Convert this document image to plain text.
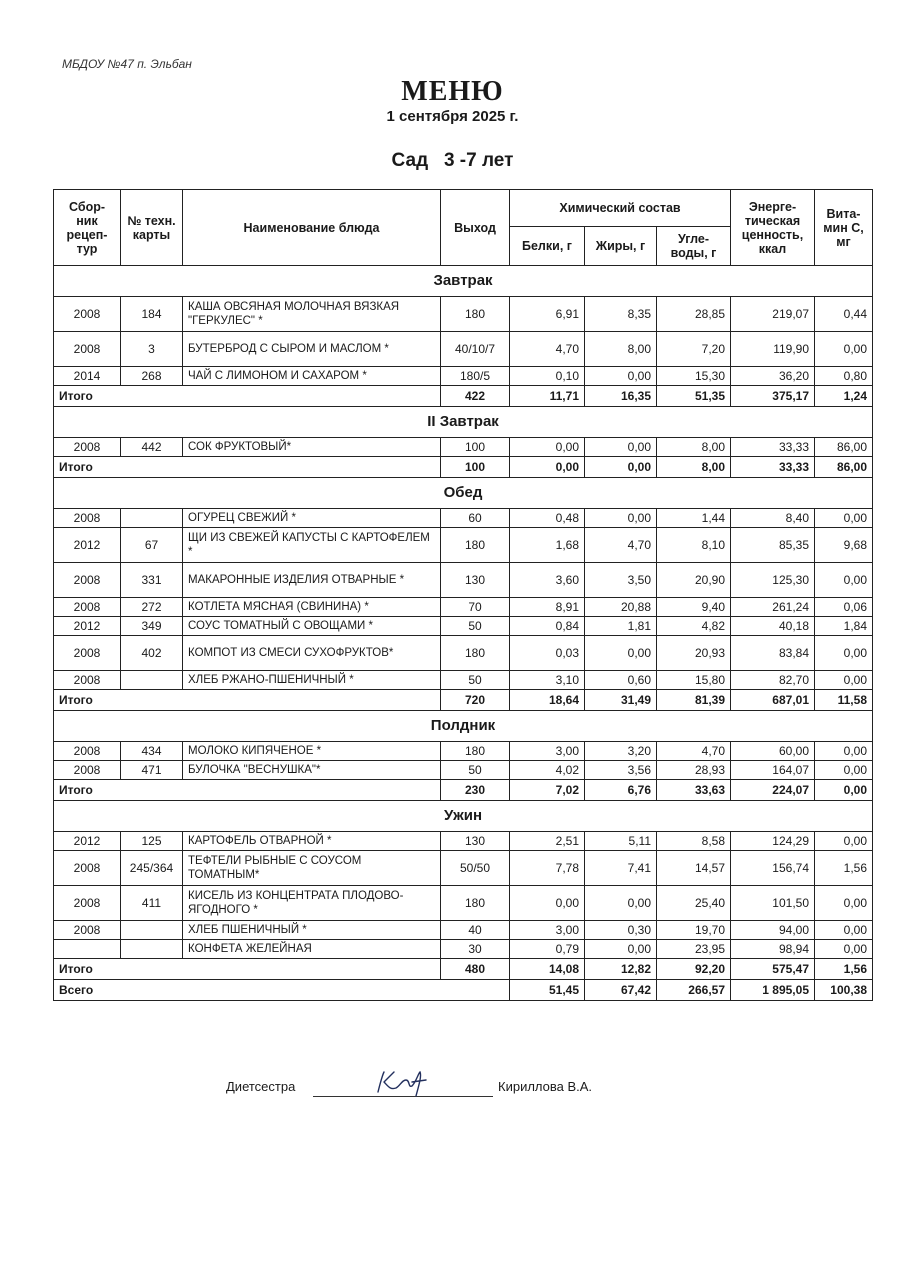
МБДОУ №47 п. Эльбан
МЕНЮ
1 сентября 2025 г.
Сад   3 -7 лет
Сбор-ник рецеп-тур	№ техн. карты	Наименование блюда	Выход	Химический состав			Энерге-тическая ценность, ккал	Вита-мин С, мг
				Белки, г	Жиры, г	Угле-воды, г		
Завтрак								
2008	184	КАША ОВСЯНАЯ МОЛОЧНАЯ ВЯЗКАЯ "ГЕРКУЛЕС" *	180	6,91	8,35	28,85	219,07	0,44
2008	3	БУТЕРБРОД С СЫРОМ И МАСЛОМ *	40/10/7	4,70	8,00	7,20	119,90	0,00
2014	268	ЧАЙ С ЛИМОНОМ И САХАРОМ *	180/5	0,10	0,00	15,30	36,20	0,80
Итого			422	11,71	16,35	51,35	375,17	1,24
II Завтрак								
2008	442	СОК ФРУКТОВЫЙ*	100	0,00	0,00	8,00	33,33	86,00
Итого			100	0,00	0,00	8,00	33,33	86,00
Обед								
2008		ОГУРЕЦ СВЕЖИЙ *	60	0,48	0,00	1,44	8,40	0,00
2012	67	ЩИ ИЗ СВЕЖЕЙ КАПУСТЫ С КАРТОФЕЛЕМ *	180	1,68	4,70	8,10	85,35	9,68
2008	331	МАКАРОННЫЕ ИЗДЕЛИЯ ОТВАРНЫЕ *	130	3,60	3,50	20,90	125,30	0,00
2008	272	КОТЛЕТА МЯСНАЯ (СВИНИНА) *	70	8,91	20,88	9,40	261,24	0,06
2012	349	СОУС ТОМАТНЫЙ С ОВОЩАМИ *	50	0,84	1,81	4,82	40,18	1,84
2008	402	КОМПОТ ИЗ СМЕСИ СУХОФРУКТОВ*	180	0,03	0,00	20,93	83,84	0,00
2008		ХЛЕБ РЖАНО-ПШЕНИЧНЫЙ *	50	3,10	0,60	15,80	82,70	0,00
Итого			720	18,64	31,49	81,39	687,01	11,58
Полдник								
2008	434	МОЛОКО КИПЯЧЕНОЕ *	180	3,00	3,20	4,70	60,00	0,00
2008	471	БУЛОЧКА "ВЕСНУШКА"*	50	4,02	3,56	28,93	164,07	0,00
Итого			230	7,02	6,76	33,63	224,07	0,00
Ужин								
2012	125	КАРТОФЕЛЬ ОТВАРНОЙ *	130	2,51	5,11	8,58	124,29	0,00
2008	245/364	ТЕФТЕЛИ РЫБНЫЕ С СОУСОМ ТОМАТНЫМ*	50/50	7,78	7,41	14,57	156,74	1,56
2008	411	КИСЕЛЬ ИЗ КОНЦЕНТРАТА ПЛОДОВО-ЯГОДНОГО *	180	0,00	0,00	25,40	101,50	0,00
2008		ХЛЕБ ПШЕНИЧНЫЙ *	40	3,00	0,30	19,70	94,00	0,00
		КОНФЕТА ЖЕЛЕЙНАЯ	30	0,79	0,00	23,95	98,94	0,00
Итого			480	14,08	12,82	92,20	575,47	1,56
Всего				51,45	67,42	266,57	1 895,05	100,38
Диетсестра	Кириллова В.А.
